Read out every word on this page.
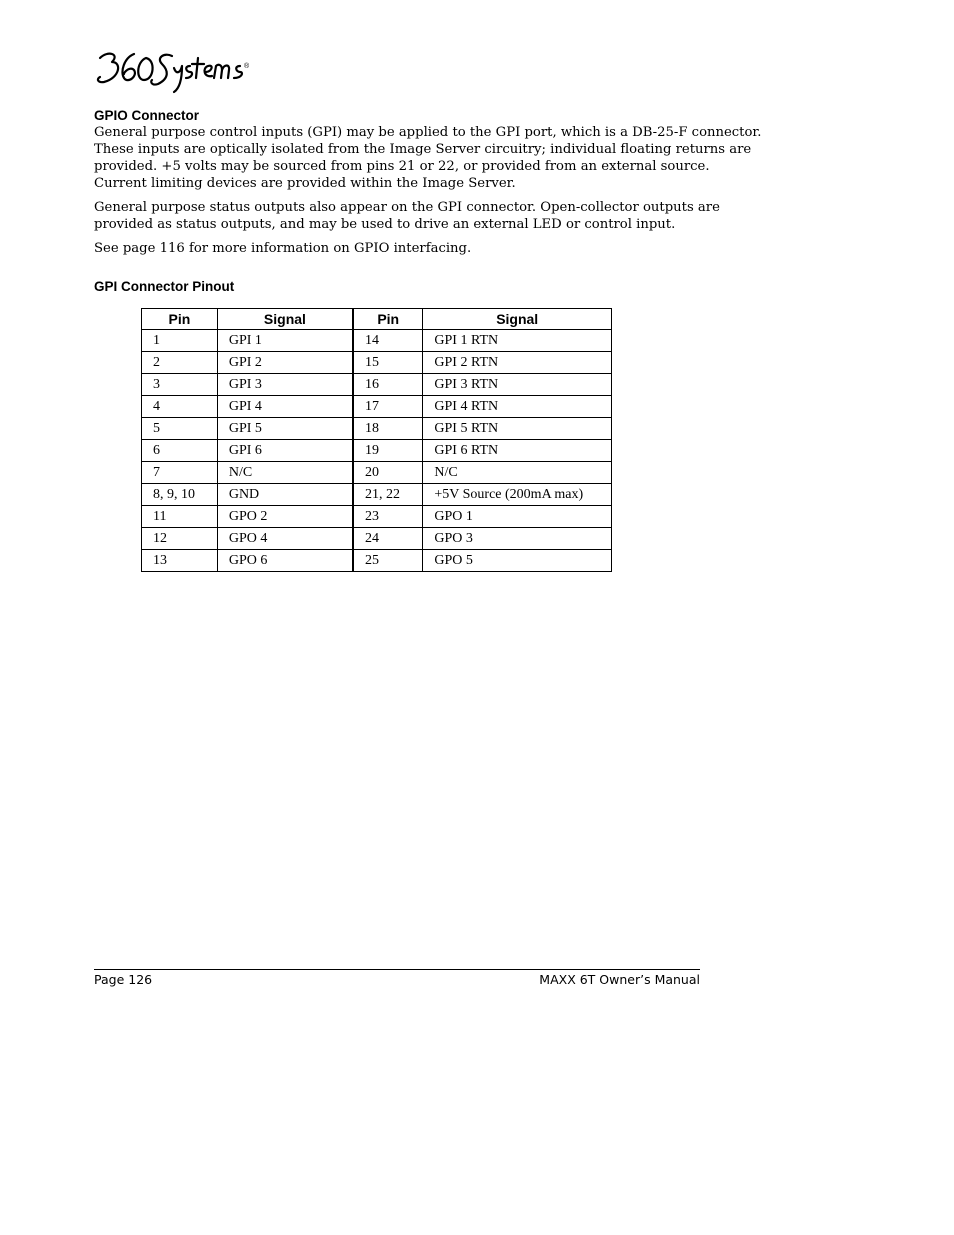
®
GPIO Connector
General purpose control inputs (GPI) may be applied to the GPI port, which is a DB-25-F connector.
These inputs are optically isolated from the Image Server circuitry; individual floating returns are
provided. +5 volts may be sourced from pins 21 or 22, or provided from an external source.
Current limiting devices are provided within the Image Server.
General purpose status outputs also appear on the GPI connector. Open-collector outputs are
provided as status outputs, and may be used to drive an external LED or control input.
See page 116 for more information on GPIO interfacing.
GPI Connector Pinout
Pin	Signal	Pin	Signal
1	GPI 1	14	GPI 1 RTN
2	GPI 2	15	GPI 2 RTN
3	GPI 3	16	GPI 3 RTN
4	GPI 4	17	GPI 4 RTN
5	GPI 5	18	GPI 5 RTN
6	GPI 6	19	GPI 6 RTN
7	N/C	20	N/C
8, 9, 10	GND	21, 22	+5V Source (200mA max)
11	GPO 2	23	GPO 1
12	GPO 4	24	GPO 3
13	GPO 6	25	GPO 5
Page 126	MAXX 6T Owner’s Manual
